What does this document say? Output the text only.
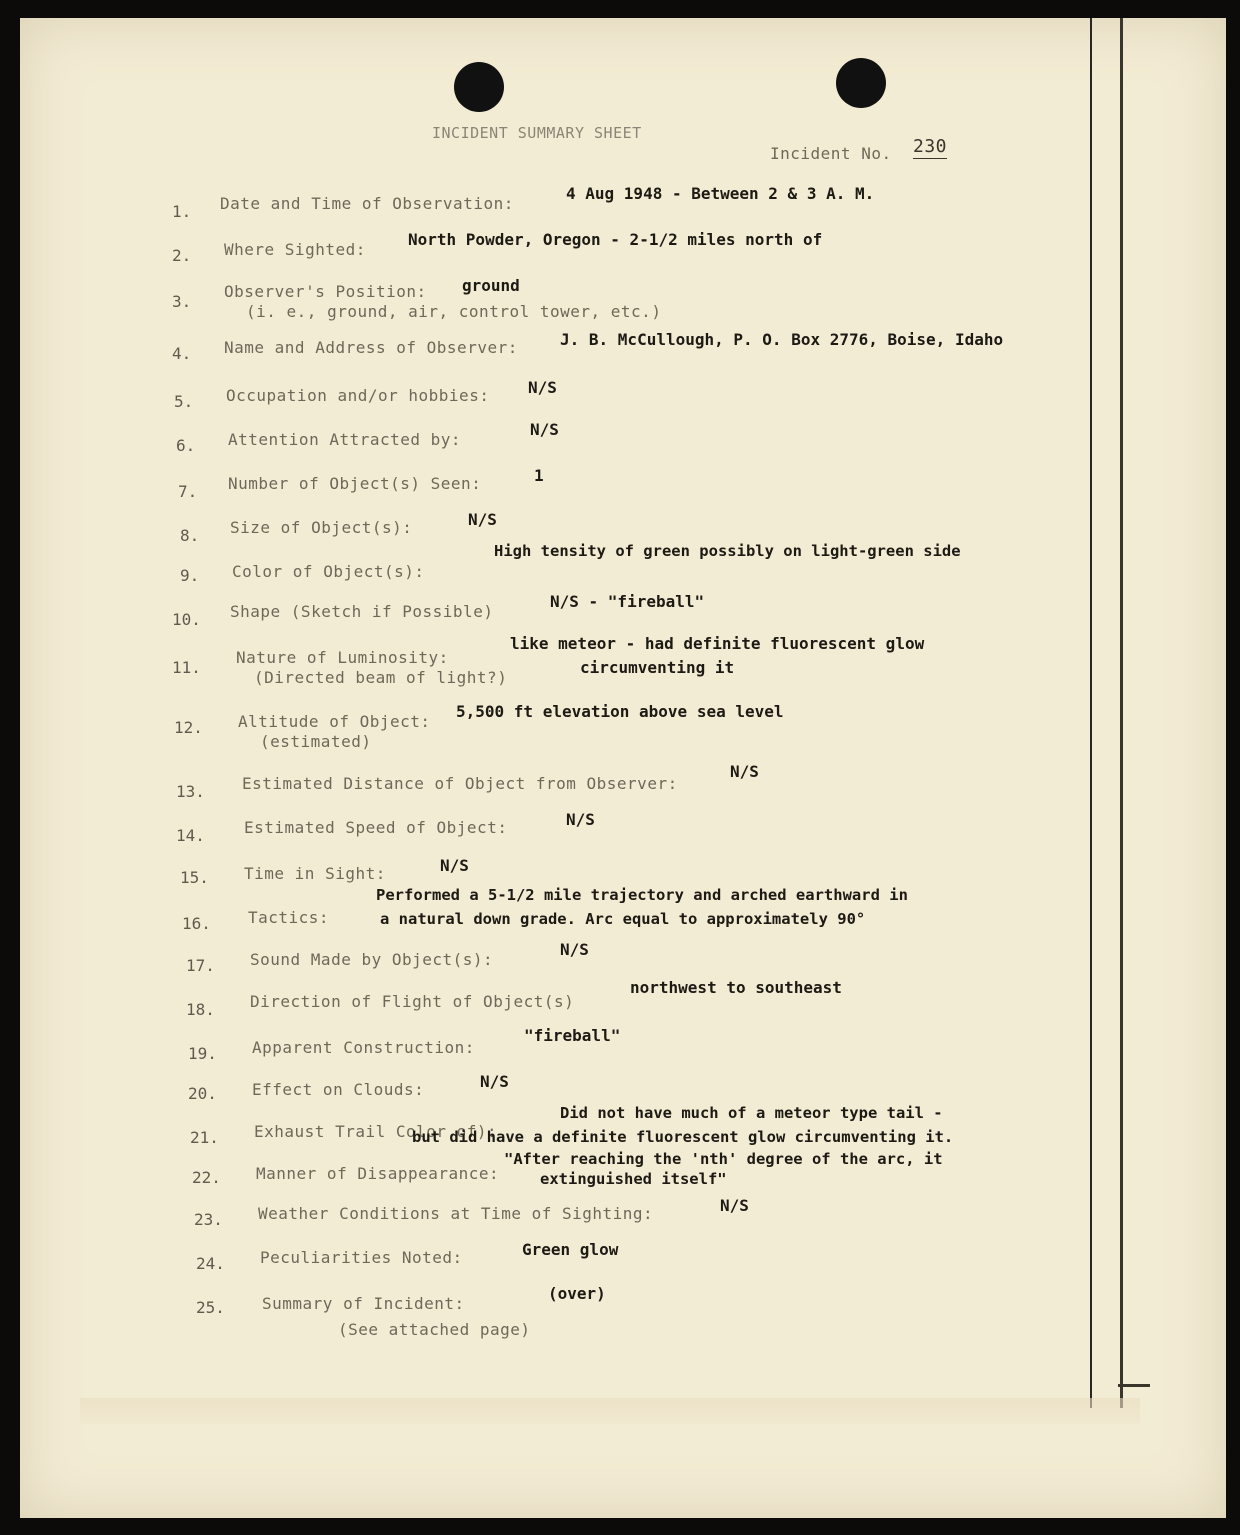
INCIDENT SUMMARY SHEET
Incident No. 230
1. Date and Time of Observation:
4 Aug 1948 - Between 2 & 3 A. M.
2. Where Sighted:
North Powder, Oregon - 2-1/2 miles north of
3.
Observer's Position:
(i. e., ground, air, control tower, etc.)
ground
4. Name and Address of Observer:	J. B. McCullough, P. O. Box 2776, Boise, Idaho
5. Occupation and/or hobbies: N/S
6. Attention Attracted by:
N/S
7. Number of Object(s) Seen:	1
8. Size of Object(s):	N/S
9. Color of Object(s):
High tensity of green possibly on light-green side
10. Shape (Sketch if Possible)
N/S - "fireball"
11.
Nature of Luminosity:
(Directed beam of light?)
like meteor - had definite fluorescent glow
circumventing it
12. Altitude of Object:
(estimated)
5,500 ft elevation above sea level
13. Estimated Distance of Object from Observer:
N/S
14. Estimated Speed of Object:	N/S
15. Time in Sight:	N/S
16. Tactics:
Performed a 5-1/2 mile trajectory and arched earthward in
a natural down grade. Arc equal to approximately 90°
17. Sound Made by Object(s):
N/S
18. Direction of Flight of Object(s)
northwest to southeast
19. Apparent Construction:
"fireball"
20. Effect on Clouds:	N/S
21. Exhaust Trail Color of):
Did not have much of a meteor type tail -
but did have a definite fluorescent glow circumventing it.
22. Manner of Disappearance:
"After reaching the 'nth' degree of the arc, it
extinguished itself"
23. Weather Conditions at Time of Sighting:	N/S
24. Peculiarities Noted:	Green glow
25. Summary of Incident:
(See attached page)
(over)
